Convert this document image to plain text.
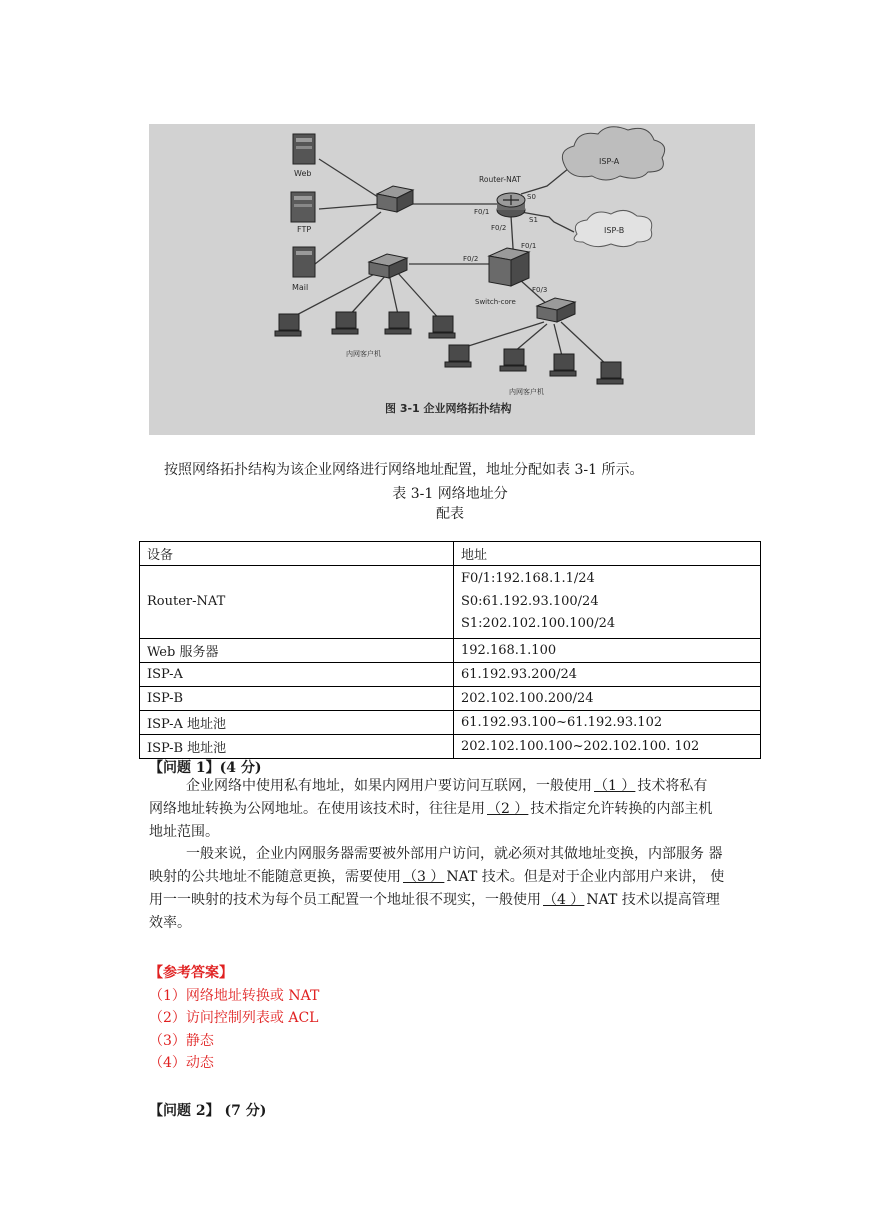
ISP-A
ISP-B
Web
FTP
Mail
Router-NAT
S0
S1
F0/1
F0/2
Switch-core
F0/1
F0/2
F0/3
内网客户机
内网客户机
图 3-1 企业网络拓扑结构
按照网络拓扑结构为该企业网络进行网络地址配置，地址分配如表 3-1 所示。
表 3-1 网络地址分
配表
设备	地址
Router-NAT	F0/1:192.168.1.1/24
S0:61.192.93.100/24
S1:202.102.100.100/24

Web 服务器	192.168.1.100
ISP-A	61.192.93.200/24
ISP-B	202.102.100.200/24
ISP-A 地址池	61.192.93.100~61.192.93.102
ISP-B 地址池	202.102.100.100~202.102.100. 102
【问题 1】(4 分)
企业网络中使用私有地址，如果内网用户要访问互联网，一般使用 （1 ） 技术将私有 网络地址转换为公网地址。在使用该技术时，往往是用 （2 ） 技术指定允许转换的内部主机地址范围。
一般来说，企业内网服务器需要被外部用户访问，就必须对其做地址变换，内部服务 器映射的公共地址不能随意更换，需要使用 （3 ） NAT 技术。但是对于企业内部用户来讲， 使用一一映射的技术为每个员工配置一个地址很不现实，一般使用 （4 ） NAT 技术以提高管理效率。
【参考答案】
（1）网络地址转换或 NAT
（2）访问控制列表或 ACL
（3）静态
（4）动态
【问题 2】 (7 分)
